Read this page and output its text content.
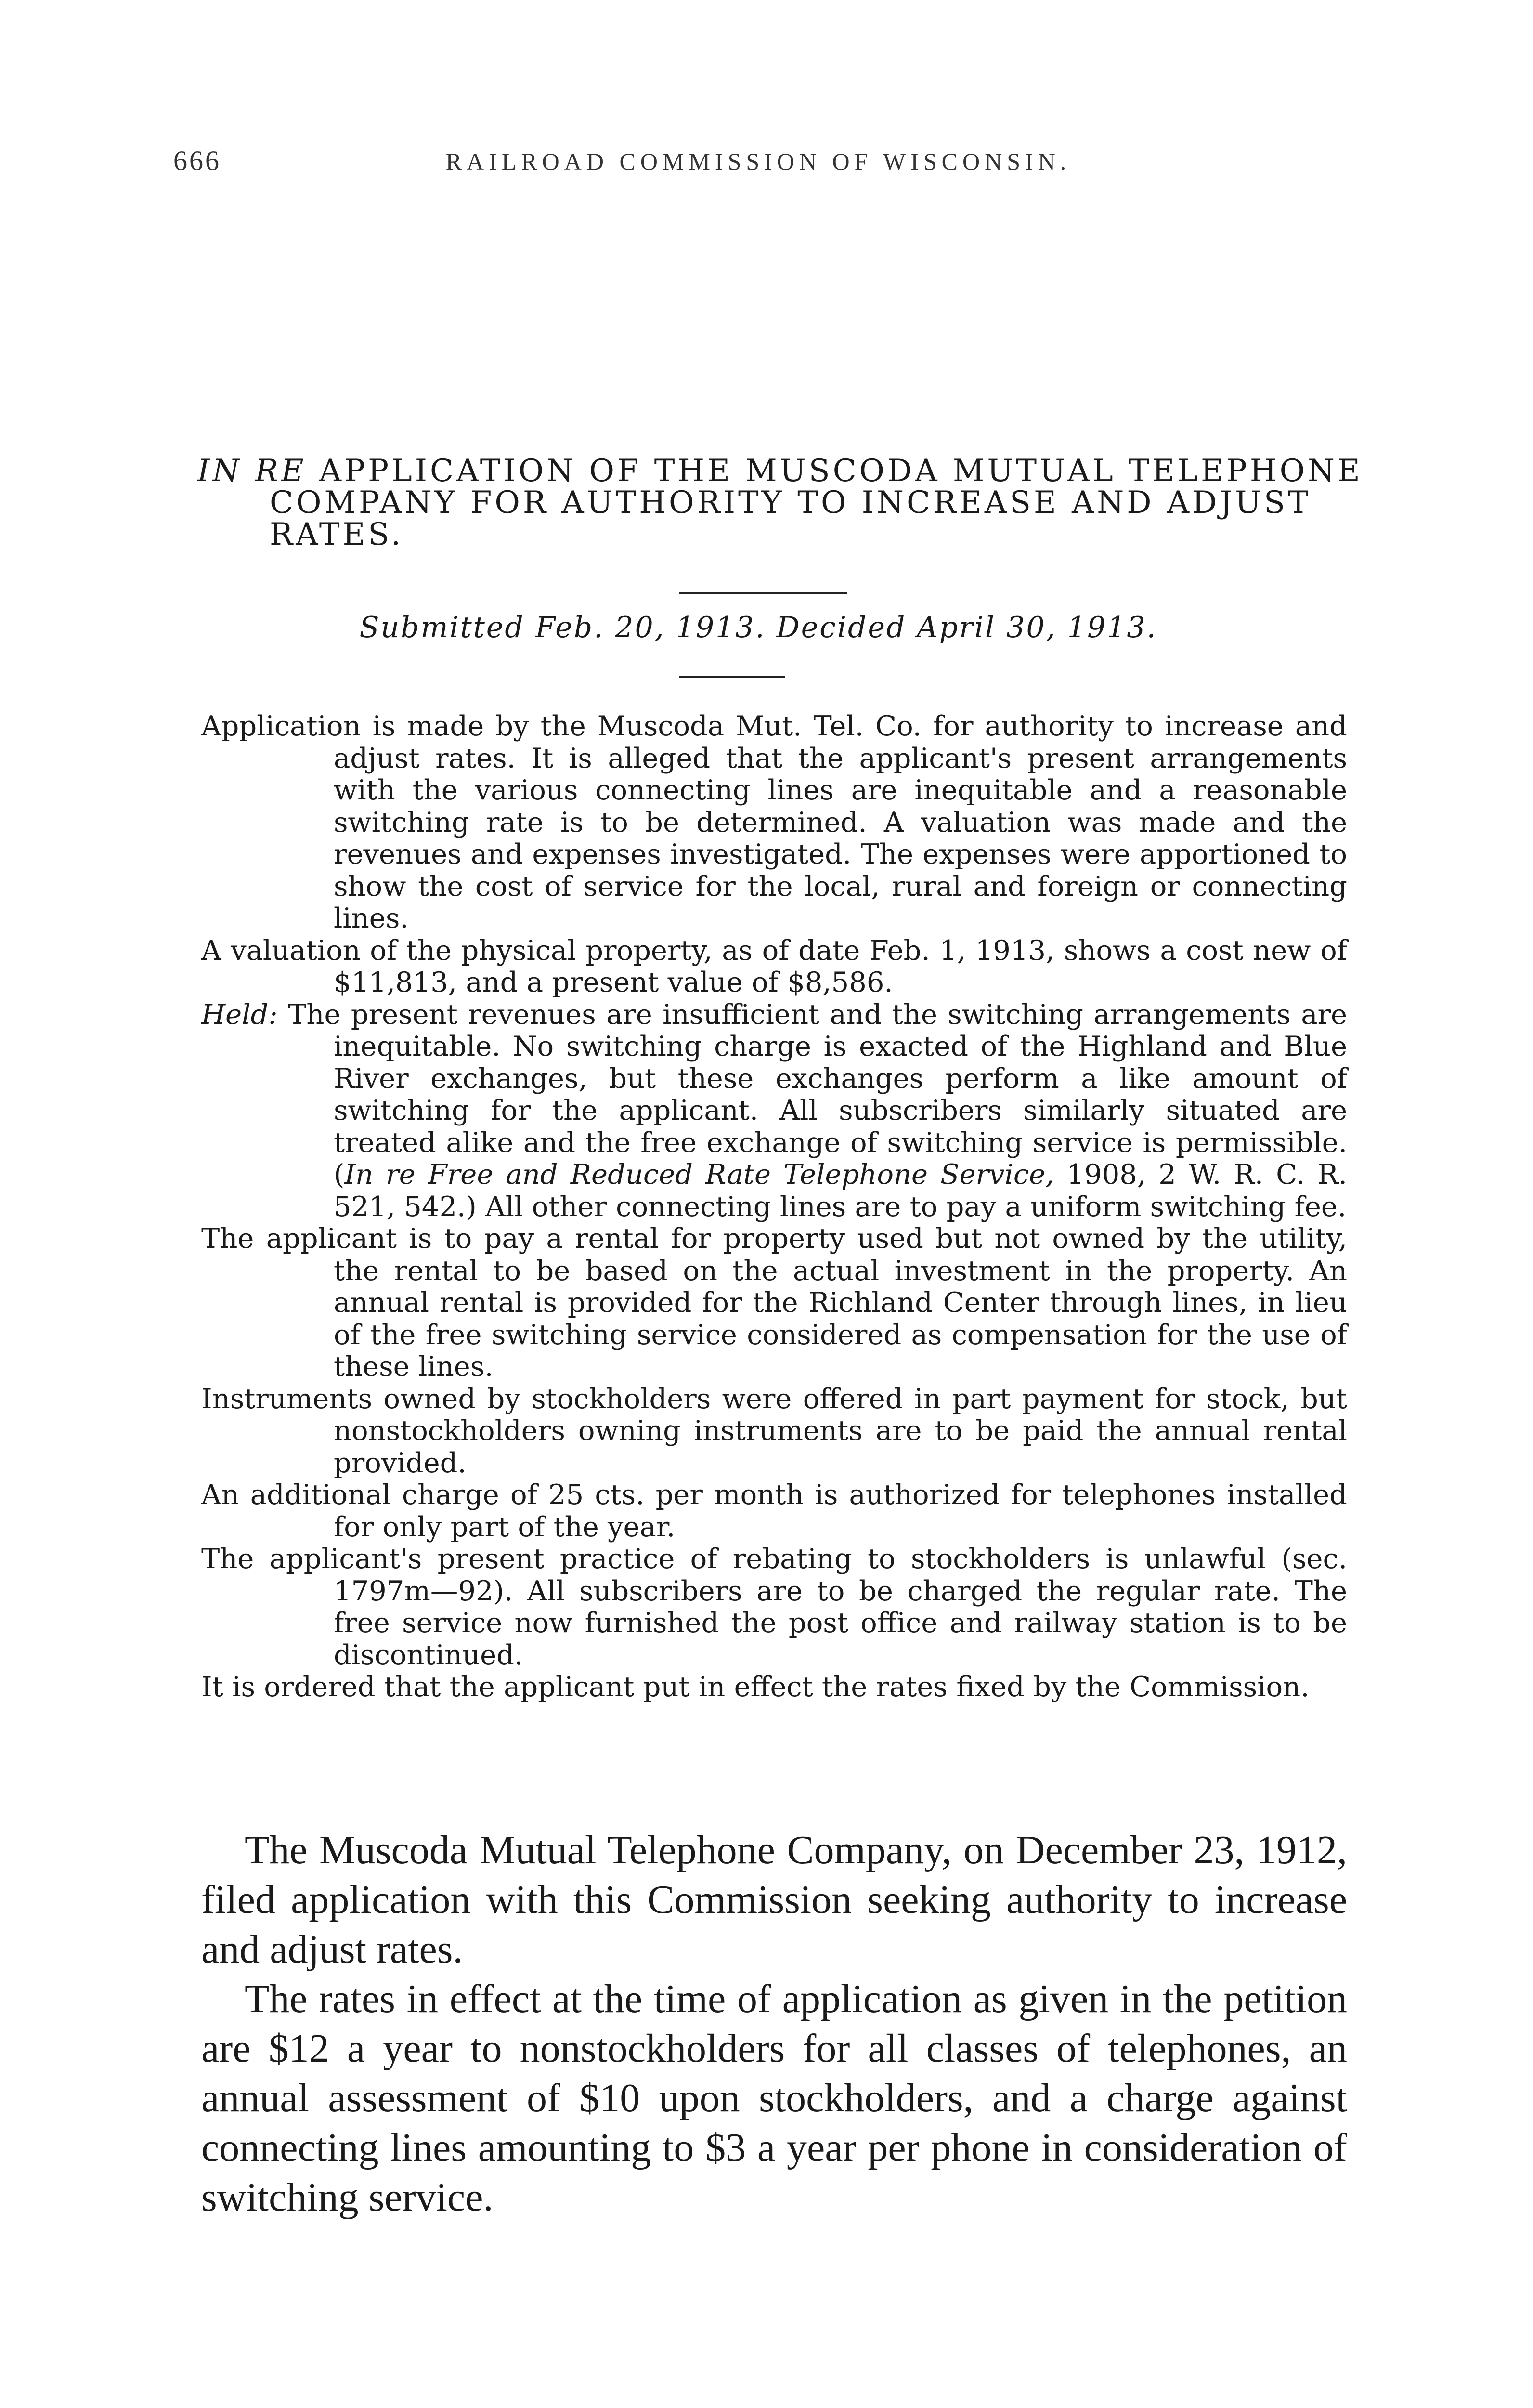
666	RAILROAD COMMISSION OF WISCONSIN.
IN RE APPLICATION OF THE MUSCODA MUTUAL TELEPHONE
COMPANY FOR AUTHORITY TO INCREASE AND ADJUST
RATES.
Submitted Feb. 20, 1913. Decided April 30, 1913.
Application is made by the Muscoda Mut. Tel. Co. for authority to increase and adjust rates. It is alleged that the applicant's present arrangements with the various connecting lines are inequitable and a reasonable switching rate is to be determined. A valuation was made and the revenues and expenses investigated. The expenses were apportioned to show the cost of service for the local, rural and foreign or connecting lines.
A valuation of the physical property, as of date Feb. 1, 1913, shows a cost new of $11,813, and a present value of $8,586.
Held: The present revenues are insufficient and the switching arrangements are inequitable. No switching charge is exacted of the Highland and Blue River exchanges, but these exchanges perform a like amount of switching for the applicant. All subscribers similarly situated are treated alike and the free exchange of switching service is permissible. (In re Free and Reduced Rate Telephone Service, 1908, 2 W. R. C. R. 521, 542.) All other connecting lines are to pay a uniform switching fee.
The applicant is to pay a rental for property used but not owned by the utility, the rental to be based on the actual investment in the property. An annual rental is provided for the Richland Center through lines, in lieu of the free switching service considered as compensation for the use of these lines.
Instruments owned by stockholders were offered in part payment for stock, but nonstockholders owning instruments are to be paid the annual rental provided.
An additional charge of 25 cts. per month is authorized for telephones installed for only part of the year.
The applicant's present practice of rebating to stockholders is unlawful (sec. 1797m—92). All subscribers are to be charged the regular rate. The free service now furnished the post office and railway station is to be discontinued.
It is ordered that the applicant put in effect the rates fixed by the Commission.

The Muscoda Mutual Telephone Company, on December 23, 1912, filed application with this Commission seeking authority to increase and adjust rates.

The rates in effect at the time of application as given in the petition are $12 a year to nonstockholders for all classes of telephones, an annual assessment of $10 upon stockholders, and a charge against connecting lines amounting to $3 a year per phone in consideration of switching service.
